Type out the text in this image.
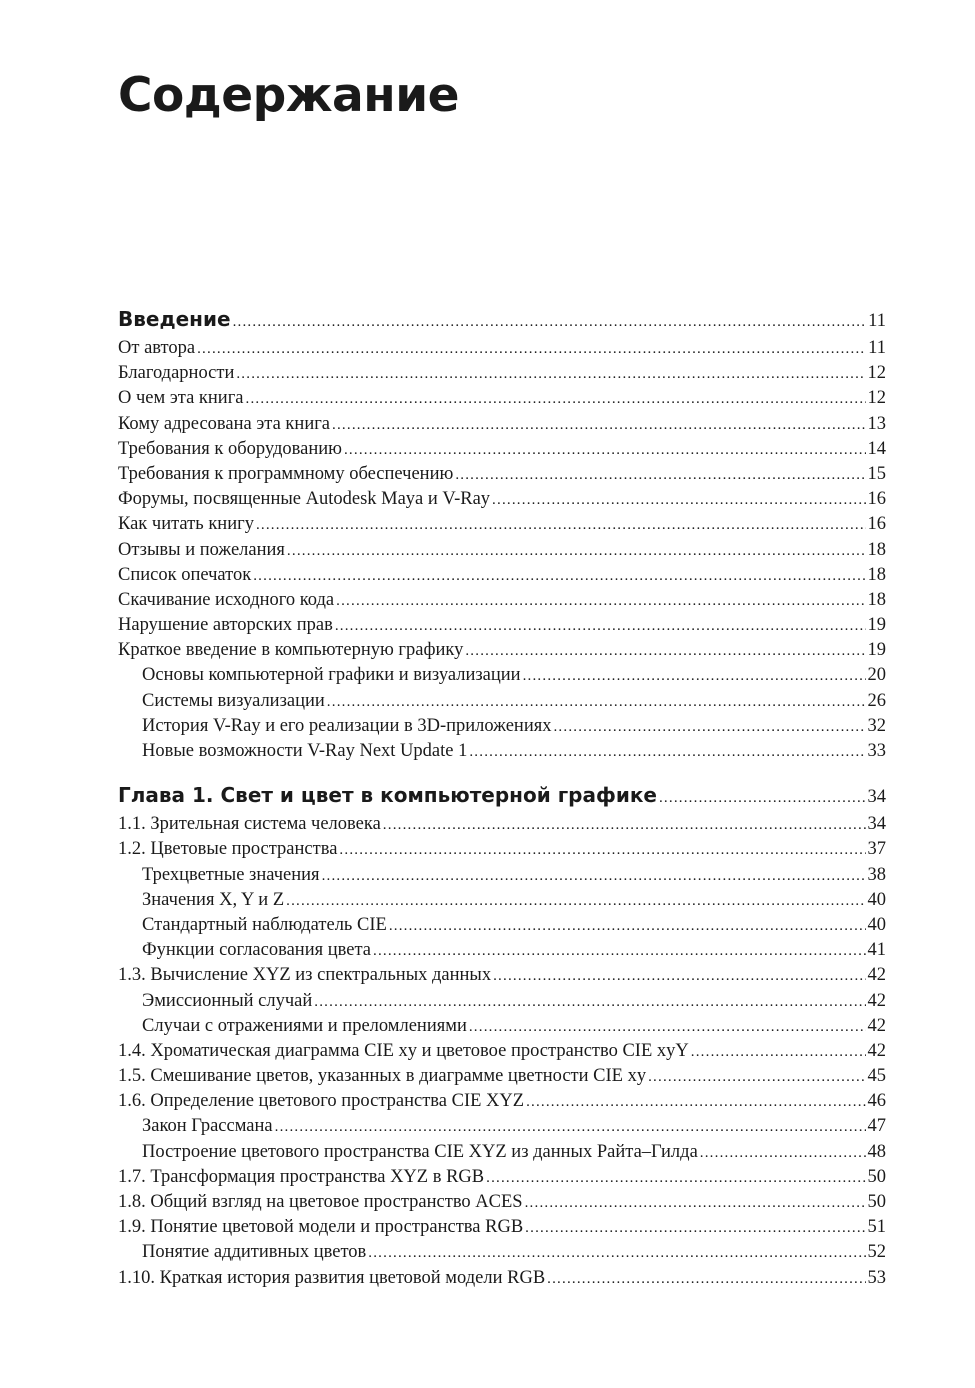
Содержание
Введение .....	11
От автора .....	11
Благодарности .....	12
О чем эта книга .....	12
Кому адресована эта книга .....	13
Требования к оборудованию .....	14
Требования к программному обеспечению .....	15
Форумы, посвященные Autodesk Maya и V-Ray .....	16
Как читать книгу .....	16
Отзывы и пожелания .....	18
Список опечаток .....	18
Скачивание исходного кода .....	18
Нарушение авторских прав .....	19
Краткое введение в компьютерную графику .....	19
Основы компьютерной графики и визуализации .....	20
Системы визуализации .....	26
История V-Ray и его реализации в 3D-приложениях .....	32
Новые возможности V-Ray Next Update 1 .....	33
Глава 1. Свет и цвет в компьютерной графике .....	34
1.1. Зрительная система человека .....	34
1.2. Цветовые пространства .....	37
Трехцветные значения .....	38
Значения X, Y и Z .....	40
Стандартный наблюдатель CIE .....	40
Функции согласования цвета .....	41
1.3. Вычисление XYZ из спектральных данных .....	42
Эмиссионный случай .....	42
Случаи с отражениями и преломлениями .....	42
1.4. Хроматическая диаграмма CIE xy и цветовое пространство CIE xyY .....	42
1.5. Смешивание цветов, указанных в диаграмме цветности CIE xy .....	45
1.6. Определение цветового пространства CIE XYZ .....	46
Закон Грассмана .....	47
Построение цветового пространства CIE XYZ из данных Райта–Гилда .....	48
1.7. Трансформация пространства XYZ в RGB .....	50
1.8. Общий взгляд на цветовое пространство ACES .....	50
1.9. Понятие цветовой модели и пространства RGB .....	51
Понятие аддитивных цветов .....	52
1.10. Краткая история развития цветовой модели RGB .....	53
